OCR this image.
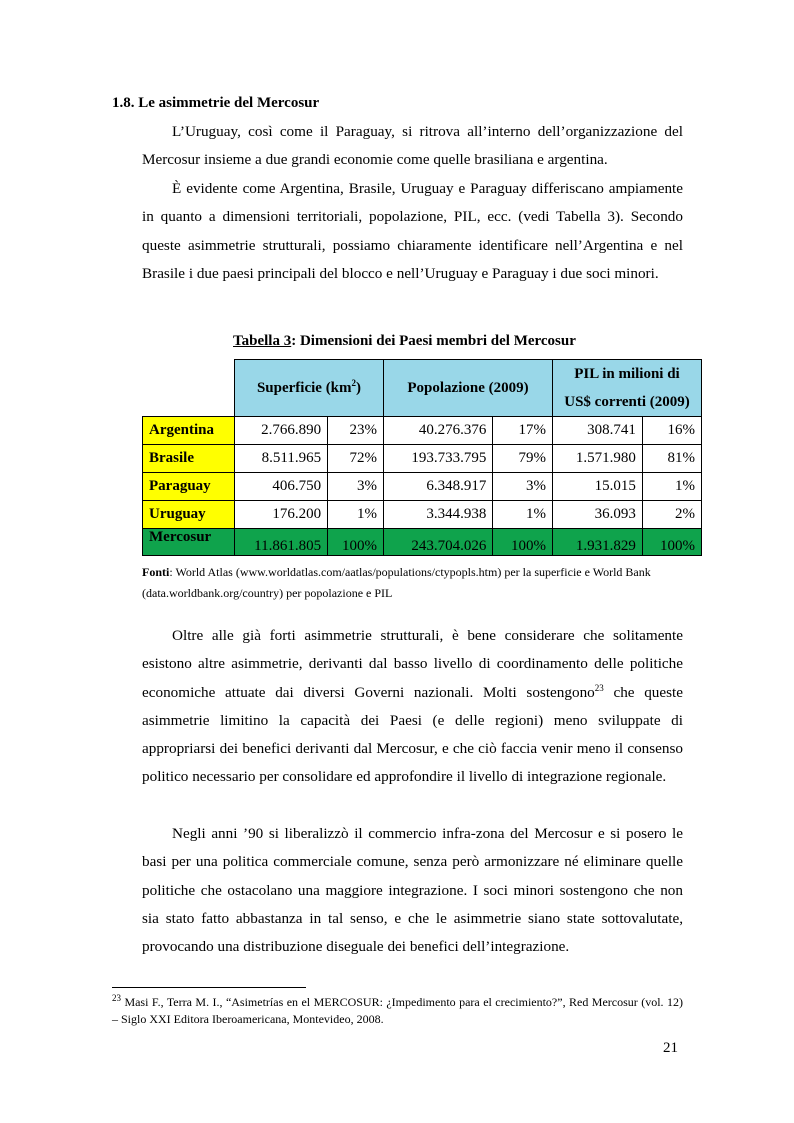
1.8. Le asimmetrie del Mercosur

L’Uruguay, così come il Paraguay, si ritrova all’interno dell’organizzazione del Mercosur insieme a due grandi economie come quelle brasiliana e argentina.

È evidente come Argentina, Brasile, Uruguay e Paraguay differiscano ampiamente in quanto a dimensioni territoriali, popolazione, PIL, ecc. (vedi Tabella 3). Secondo queste asimmetrie strutturali, possiamo chiaramente identificare nell’Argentina e nel Brasile i due paesi principali del blocco e nell’Uruguay e Paraguay i due soci minori.

Tabella 3: Dimensioni dei Paesi membri del Mercosur

	Superficie $(km^2)$		Popolazione (2009)		PIL in milioni di
US$ correnti (2009)	
Argentina	2.766.890	23%	40.276.376	17%	308.741	16%
Brasile	8.511.965	72%	193.733.795	79%	1.571.980	81%
Paraguay	406.750	3%	6.348.917	3%	15.015	1%
Uruguay	176.200	1%	3.344.938	1%	36.093	2%
Mercosur	11.861.805	100%	243.704.026	100%	1.931.829	100%

Fonti: World Atlas (www.worldatlas.com/aatlas/populations/ctypopls.htm) per la superficie e World Bank (data.worldbank.org/country) per popolazione e PIL

Oltre alle già forti asimmetrie strutturali, è bene considerare che solitamente esistono altre asimmetrie, derivanti dal basso livello di coordinamento delle politiche economiche attuate dai diversi Governi nazionali. Molti sostengono$^{23}$ che queste asimmetrie limitino la capacità dei Paesi (e delle regioni) meno sviluppate di appropriarsi dei benefici derivanti dal Mercosur, e che ciò faccia venir meno il consenso politico necessario per consolidare ed approfondire il livello di integrazione regionale.

Negli anni ’90 si liberalizzò il commercio infra-zona del Mercosur e si posero le basi per una politica commerciale comune, senza però armonizzare né eliminare quelle politiche che ostacolano una maggiore integrazione. I soci minori sostengono che non sia stato fatto abbastanza in tal senso, e che le asimmetrie siano state sottovalutate, provocando una distribuzione diseguale dei benefici dell’integrazione.

$^{23}$ Masi F., Terra M. I., “Asimetrías en el MERCOSUR: ¿Impedimento para el crecimiento?”, Red Mercosur (vol. 12) – Siglo XXI Editora Iberoamericana, Montevideo, 2008.

21
